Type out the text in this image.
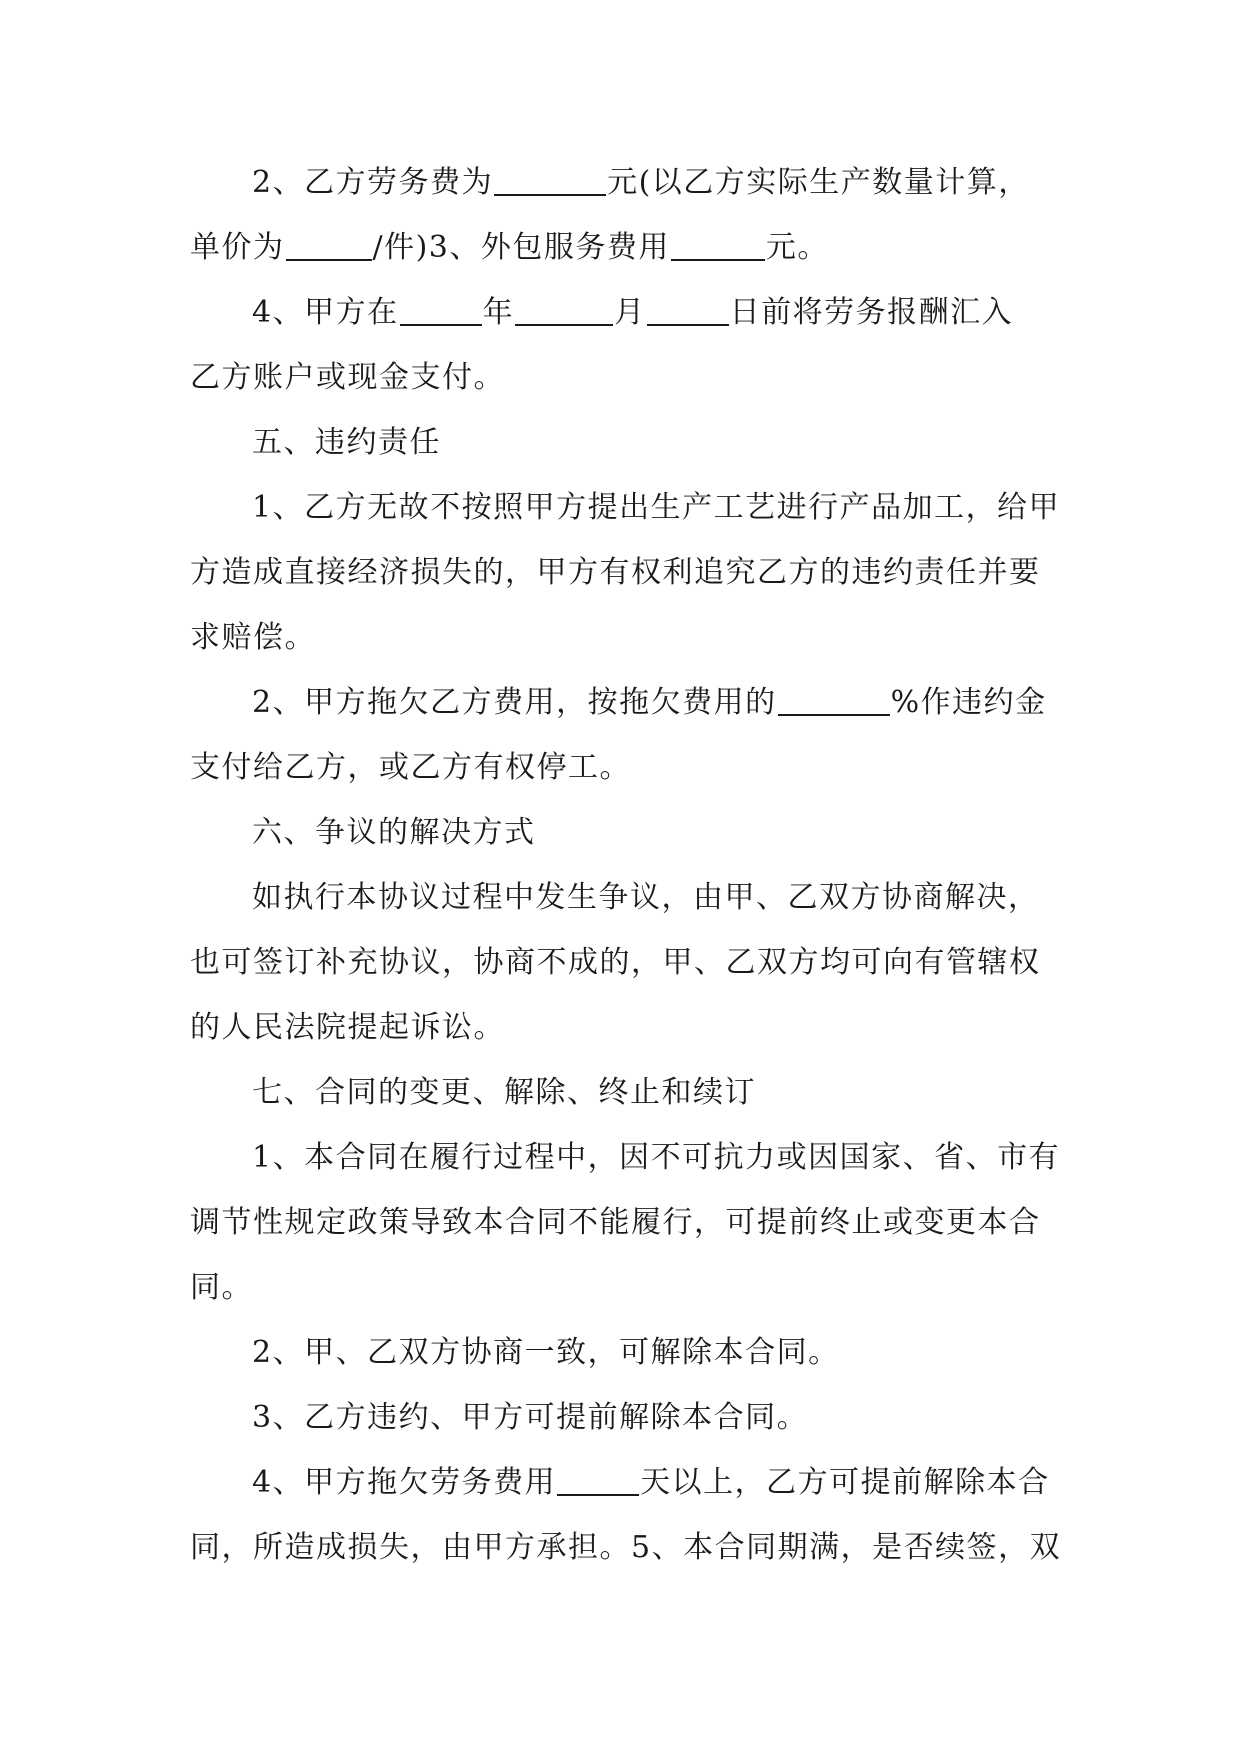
2、乙方劳务费为	元(以乙方实际生产数量计算，
单价为	/件)3、外包服务费用	元。
4、甲方在	年	月	日前将劳务报酬汇入
乙方账户或现金支付。
五、违约责任
1、乙方无故不按照甲方提出生产工艺进行产品加工，给甲
方造成直接经济损失的，甲方有权利追究乙方的违约责任并要
求赔偿。
2、甲方拖欠乙方费用，按拖欠费用的	%作违约金
支付给乙方，或乙方有权停工。
六、争议的解决方式
如执行本协议过程中发生争议，由甲、乙双方协商解决，
也可签订补充协议，协商不成的，甲、乙双方均可向有管辖权
的人民法院提起诉讼。
七、合同的变更、解除、终止和续订
1、本合同在履行过程中，因不可抗力或因国家、省、市有
调节性规定政策导致本合同不能履行，可提前终止或变更本合
同。
2、甲、乙双方协商一致，可解除本合同。
3、乙方违约、甲方可提前解除本合同。
4、甲方拖欠劳务费用	天以上，乙方可提前解除本合
同，所造成损失，由甲方承担。5、本合同期满，是否续签，双
